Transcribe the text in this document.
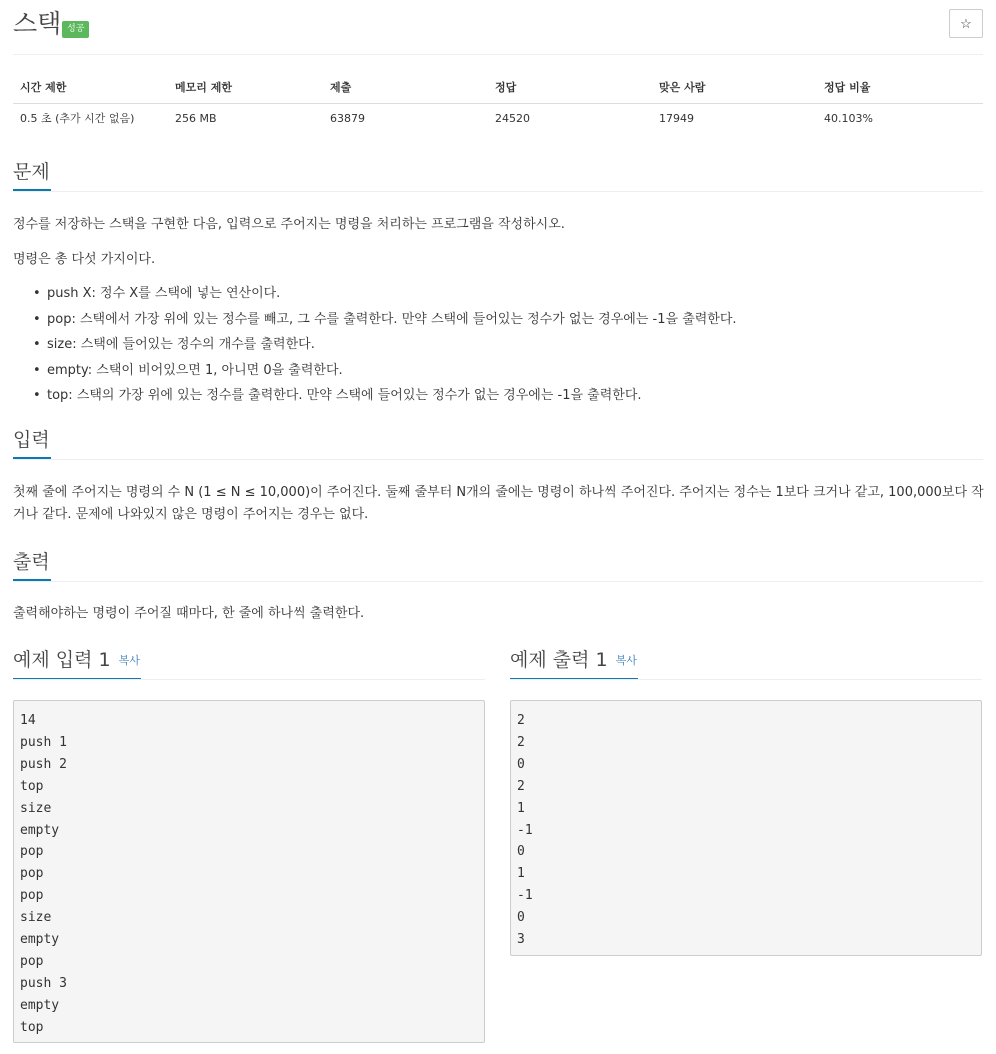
스택 성공	☆
시간 제한	메모리 제한	제출	정답	맞은 사람	정답 비율
0.5 초 (추가 시간 없음)	256 MB	63879	24520	17949	40.103%
문제

정수를 저장하는 스택을 구현한 다음, 입력으로 주어지는 명령을 처리하는 프로그램을 작성하시오.

명령은 총 다섯 가지이다.

• push X: 정수 X를 스택에 넣는 연산이다.
• pop: 스택에서 가장 위에 있는 정수를 빼고, 그 수를 출력한다. 만약 스택에 들어있는 정수가 없는 경우에는 -1을 출력한다.
• size: 스택에 들어있는 정수의 개수를 출력한다.
• empty: 스택이 비어있으면 1, 아니면 0을 출력한다.
• top: 스택의 가장 위에 있는 정수를 출력한다. 만약 스택에 들어있는 정수가 없는 경우에는 -1을 출력한다.
입력

첫째 줄에 주어지는 명령의 수 N (1 ≤ N ≤ 10,000)이 주어진다. 둘째 줄부터 N개의 줄에는 명령이 하나씩 주어진다. 주어지는 정수는 1보다 크거나 같고, 100,000보다 작거나 같다. 문제에 나와있지 않은 명령이 주어지는 경우는 없다.

출력

출력해야하는 명령이 주어질 때마다, 한 줄에 하나씩 출력한다.

예제 입력 1 복사
14
push 1
push 2
top
size
empty
pop
pop
pop
size
empty
pop
push 3
empty
top
예제 출력 1 복사
2
2
0
2
1
-1
0
1
-1
0
3
